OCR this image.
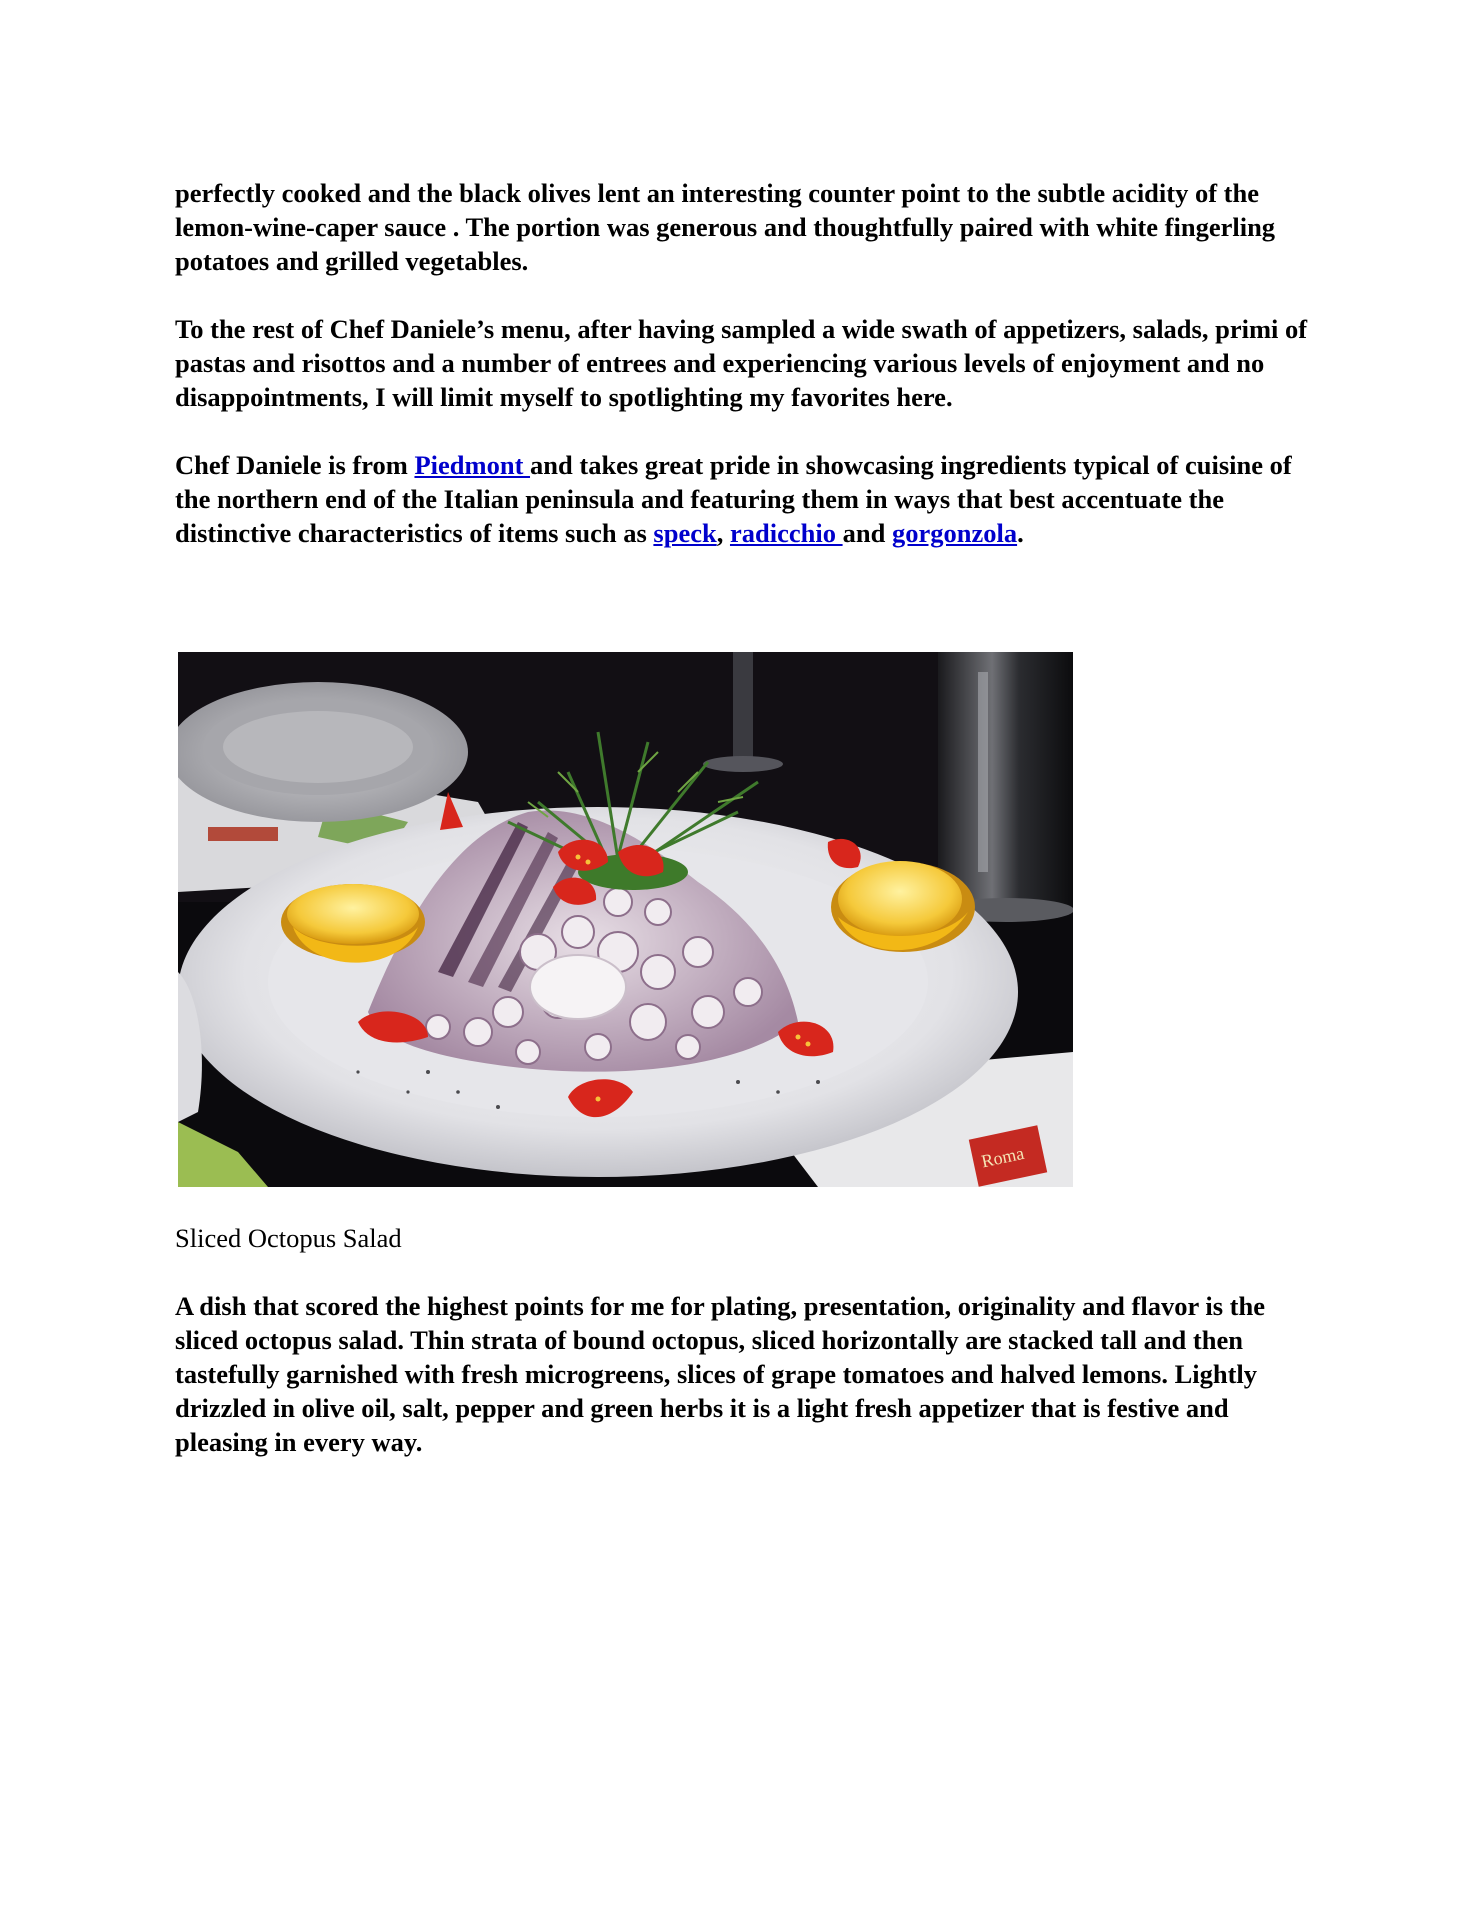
perfectly cooked and the black olives lent an interesting counter point to the subtle acidity of the lemon-wine-caper sauce . The portion was generous and thoughtfully paired with white fingerling potatoes and grilled vegetables.

To the rest of Chef Daniele’s menu, after having sampled a wide swath of appetizers, salads, primi of pastas and risottos and a number of entrees and experiencing various levels of enjoyment and no disappointments, I will limit myself to spotlighting my favorites here.

Chef Daniele is from Piedmont and takes great pride in showcasing ingredients typical of cuisine of the northern end of the Italian peninsula and featuring them in ways that best accentuate the distinctive characteristics of items such as speck, radicchio and gorgonzola.

Roma

Sliced Octopus Salad

A dish that scored the highest points for me for plating, presentation, originality and flavor is the sliced octopus salad. Thin strata of bound octopus, sliced horizontally are stacked tall and then tastefully garnished with fresh microgreens, slices of grape tomatoes and halved lemons. Lightly drizzled in olive oil, salt, pepper and green herbs it is a light fresh appetizer that is festive and pleasing in every way.
